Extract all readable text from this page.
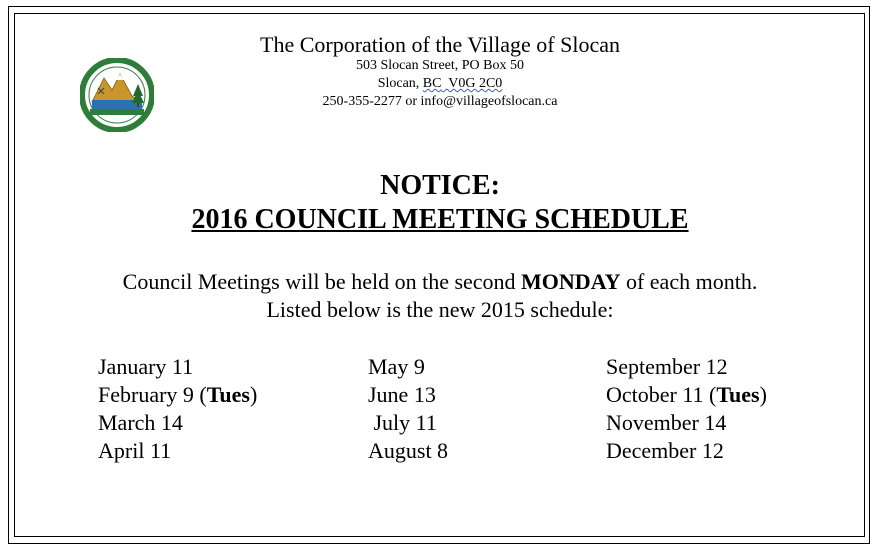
The Corporation of the Village of Slocan
503 Slocan Street, PO Box 50
Slocan, BC  V0G 2C0
250-355-2277 or info@villageofslocan.ca
NOTICE:
2016 COUNCIL MEETING SCHEDULE
Council Meetings will be held on the second MONDAY of each month.
Listed below is the new 2015 schedule:
January 11
February 9 (Tues)
March 14
April 11
May 9
June 13
July 11
August 8
September 12
October 11 (Tues)
November 14
December 12
